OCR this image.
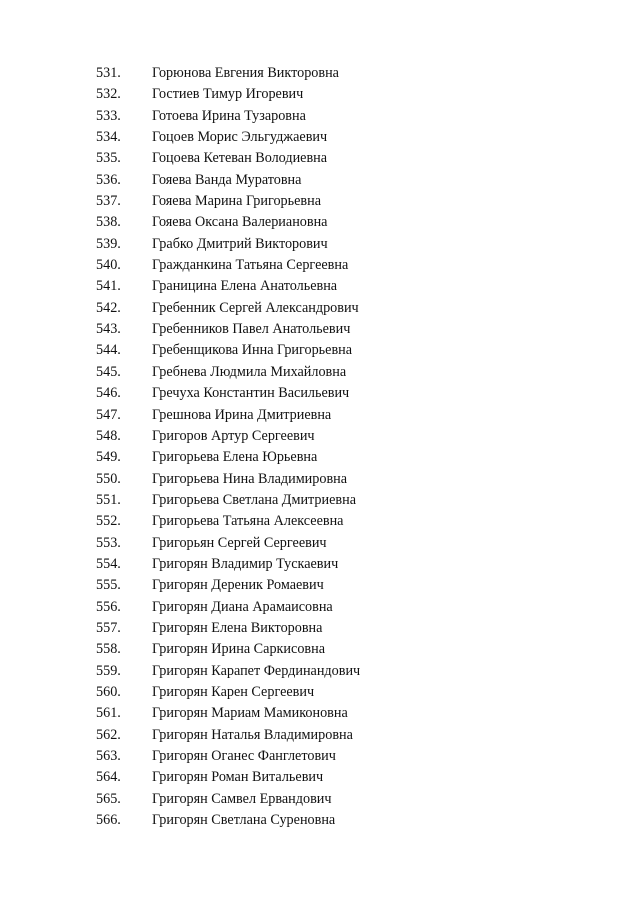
531.	Горюнова Евгения Викторовна
532.	Гостиев Тимур Игоревич
533.	Готоева Ирина Тузаровна
534.	Гоцоев Морис Эльгуджаевич
535.	Гоцоева Кетеван Володиевна
536.	Гояева Ванда Муратовна
537.	Гояева Марина Григорьевна
538.	Гояева Оксана Валериановна
539.	Грабко Дмитрий Викторович
540.	Гражданкина Татьяна Сергеевна
541.	Границина Елена Анатольевна
542.	Гребенник Сергей Александрович
543.	Гребенников Павел Анатольевич
544.	Гребенщикова Инна Григорьевна
545.	Гребнева Людмила Михайловна
546.	Гречуха Константин Васильевич
547.	Грешнова Ирина Дмитриевна
548.	Григоров Артур Сергеевич
549.	Григорьева Елена Юрьевна
550.	Григорьева Нина Владимировна
551.	Григорьева Светлана Дмитриевна
552.	Григорьева Татьяна Алексеевна
553.	Григорьян Сергей Сергеевич
554.	Григорян Владимир Тускаевич
555.	Григорян Дереник Ромаевич
556.	Григорян Диана Арамаисовна
557.	Григорян Елена Викторовна
558.	Григорян Ирина Саркисовна
559.	Григорян Карапет Фердинандович
560.	Григорян Карен Сергеевич
561.	Григорян Мариам Мамиконовна
562.	Григорян Наталья Владимировна
563.	Григорян Оганес Фанглетович
564.	Григорян Роман Витальевич
565.	Григорян Самвел Ервандович
566.	Григорян Светлана Суреновна
